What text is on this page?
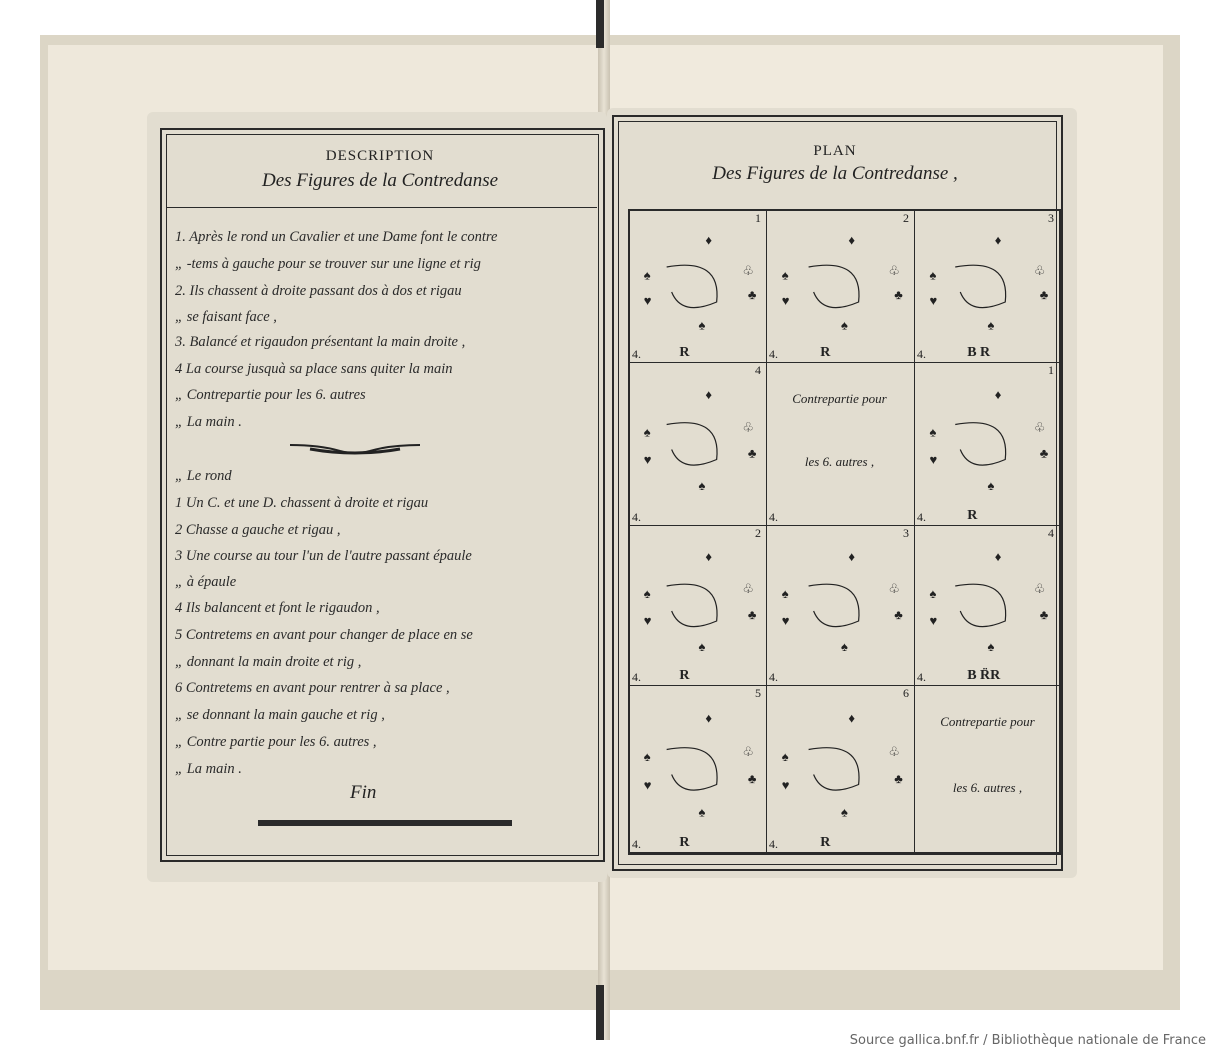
DESCRIPTION
Des Figures de la Contredanse
1. Après le rond un Cavalier et une Dame font le contre
„ -tems à gauche pour se trouver sur une ligne et rig
2. Ils chassent à droite passant dos à dos et rigau
„ se faisant face ,
3. Balancé et rigaudon présentant la main droite ,
4 La course jusquà sa place sans quiter la main
„ Contrepartie pour les 6. autres
„ La main .
„ Le rond
1 Un C. et une D. chassent à droite et rigau
2 Chasse a gauche et rigau ,
3 Une course au tour l'un de l'autre passant épaule
„ à épaule
4 Ils balancent et font le rigaudon ,
5 Contretems en avant pour changer de place en se
„ donnant la main droite et rig ,
6 Contretems en avant pour rentrer à sa place ,
„ se donnant la main gauche et rig ,
„ Contre partie pour les 6. autres ,
„ La main .
Fin
PLAN
Des Figures de la Contredanse ,
♦
♠
♣
♧
♥
♠
1
4.	R
♦
♠
♣
♧
♥
♠
2
4.	R
♦
♠
♣
♧
♥
♠
3
4.	B R
♦
♠
♣
♧
♥
♠
4
4.
Contrepartie pour
les 6. autres ,
4.
♦
♠
♣
♧
♥
♠
1
4.	R
♦
♠
♣
♧
♥
♠
2
4.	R
♦
♠
♣
♧
♥
♠
3
4.
♦
♠
♣
♧
♥
♠
4
4.	B R̈R
♦
♠
♣
♧
♥
♠
5
4.	R
♦
♠
♣
♧
♥
♠
6
4.	R
Contrepartie pour
les 6. autres ,
Source gallica.bnf.fr / Bibliothèque nationale de France
